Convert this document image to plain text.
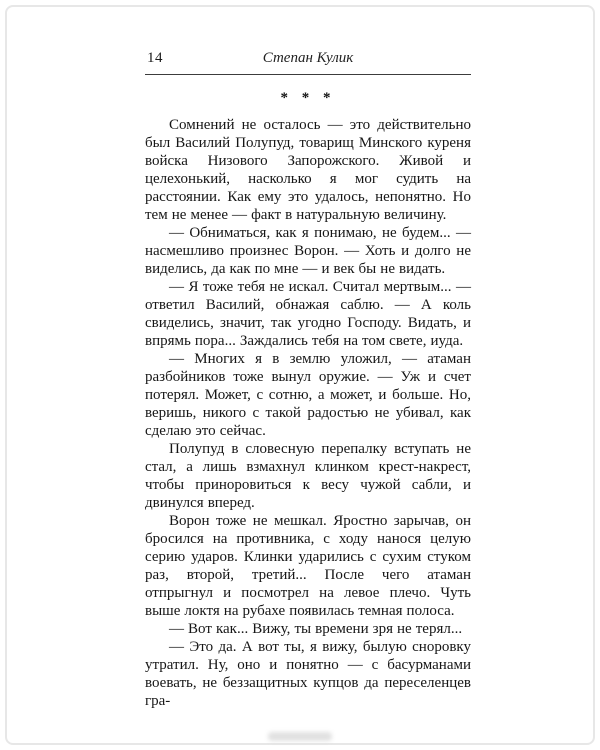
14	Степан Кулик
* * *

Сомнений не осталось — это действительно был Василий Полупуд, товарищ Минского куреня войска Низового Запорожского. Живой и целехонький, насколько я мог судить на расстоянии. Как ему это удалось, непонятно. Но тем не менее — факт в натуральную величину.

— Обниматься, как я понимаю, не будем... — насмешливо произнес Ворон. — Хоть и долго не виделись, да как по мне — и век бы не видать.

— Я тоже тебя не искал. Считал мертвым... — ответил Василий, обнажая саблю. — А коль свиделись, значит, так угодно Господу. Видать, и впрямь пора... Заждались тебя на том свете, иуда.

— Многих я в землю уложил, — атаман разбойников тоже вынул оружие. — Уж и счет потерял. Может, с сотню, а может, и больше. Но, веришь, никого с такой радостью не убивал, как сделаю это сейчас.

Полупуд в словесную перепалку вступать не стал, а лишь взмахнул клинком крест-накрест, чтобы приноровиться к весу чужой сабли, и двинулся вперед.

Ворон тоже не мешкал. Яростно зарычав, он бросился на противника, с ходу нанося целую серию ударов. Клинки ударились с сухим стуком раз, второй, третий... После чего атаман отпрыгнул и посмотрел на левое плечо. Чуть выше локтя на рубахе появилась темная полоса.

— Вот как... Вижу, ты времени зря не терял...

— Это да. А вот ты, я вижу, былую сноровку утратил. Ну, оно и понятно — с басурманами воевать, не беззащитных купцов да переселенцев гра-
